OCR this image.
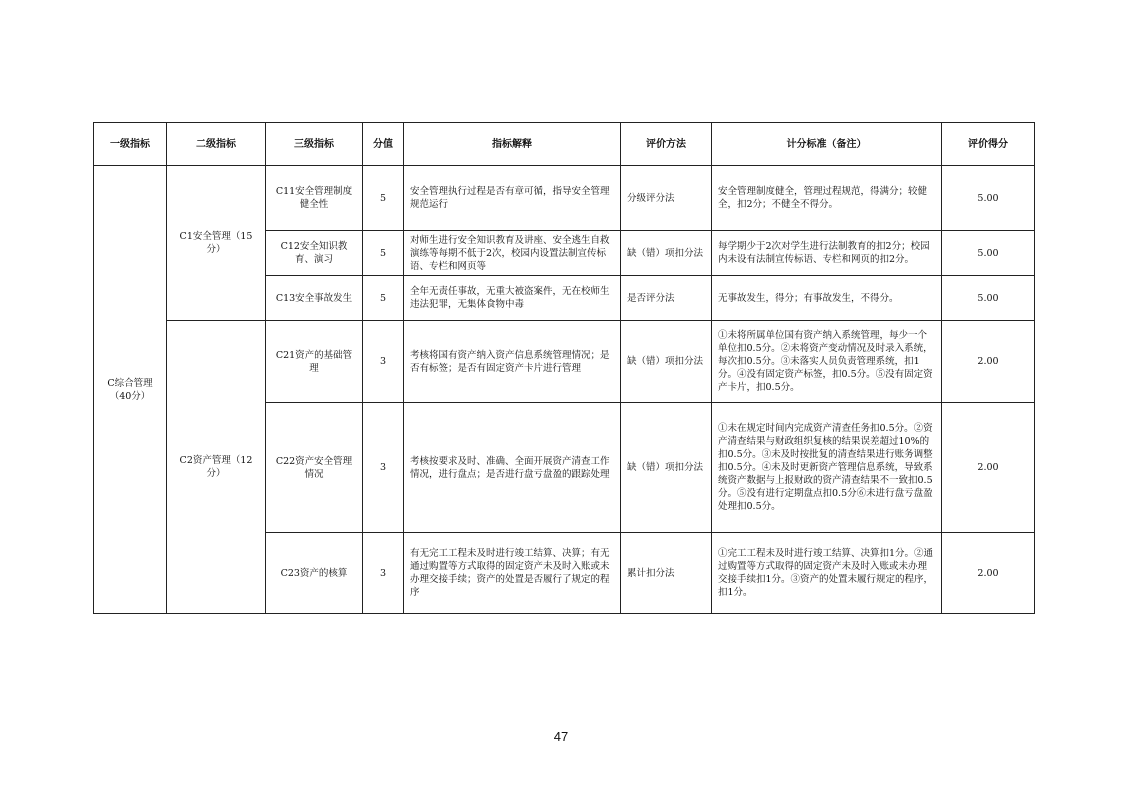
一级指标	二级指标	三级指标	分值	指标解释	评价方法	计分标准（备注）	评价得分
C综合管理（40分）	C1安全管理（15分）	C11安全管理制度健全性	5	安全管理执行过程是否有章可循，指导安全管理规范运行	分级评分法	安全管理制度健全，管理过程规范，得满分；较健全，扣2分；不健全不得分。	5.00
		C12安全知识教育、演习	5	对师生进行安全知识教育及讲座、安全逃生自救演练等每期不低于2次，校园内设置法制宣传标语、专栏和网页等	缺（错）项扣分法	每学期少于2次对学生进行法制教育的扣2分；校园内未设有法制宣传标语、专栏和网页的扣2分。	5.00
		C13安全事故发生	5	全年无责任事故，无重大被盗案件，无在校师生违法犯罪，无集体食物中毒	是否评分法	无事故发生，得分；有事故发生，不得分。	5.00
	C2资产管理（12分）	C21资产的基础管理	3	考核将国有资产纳入资产信息系统管理情况；是否有标签；是否有固定资产卡片进行管理	缺（错）项扣分法	①未将所属单位国有资产纳入系统管理，每少一个单位扣0.5分。②未将资产变动情况及时录入系统，每次扣0.5分。③未落实人员负责管理系统，扣1分。④没有固定资产标签，扣0.5分。⑤没有固定资产卡片，扣0.5分。	2.00
		C22资产安全管理情况	3	考核按要求及时、准确、全面开展资产清查工作情况，进行盘点；是否进行盘亏盘盈的跟踪处理	缺（错）项扣分法	①未在规定时间内完成资产清查任务扣0.5分。②资产清查结果与财政组织复核的结果误差超过10%的扣0.5分。③未及时按批复的清查结果进行账务调整扣0.5分。④未及时更新资产管理信息系统，导致系统资产数据与上报财政的资产清查结果不一致扣0.5分。⑤没有进行定期盘点扣0.5分⑥未进行盘亏盘盈处理扣0.5分。	2.00
		C23资产的核算	3	有无完工工程未及时进行竣工结算、决算；有无通过购置等方式取得的固定资产未及时入账或未办理交接手续；资产的处置是否履行了规定的程序	累计扣分法	①完工工程未及时进行竣工结算、决算扣1分。②通过购置等方式取得的固定资产未及时入账或未办理交接手续扣1分。③资产的处置未履行规定的程序，扣1分。	2.00
47
